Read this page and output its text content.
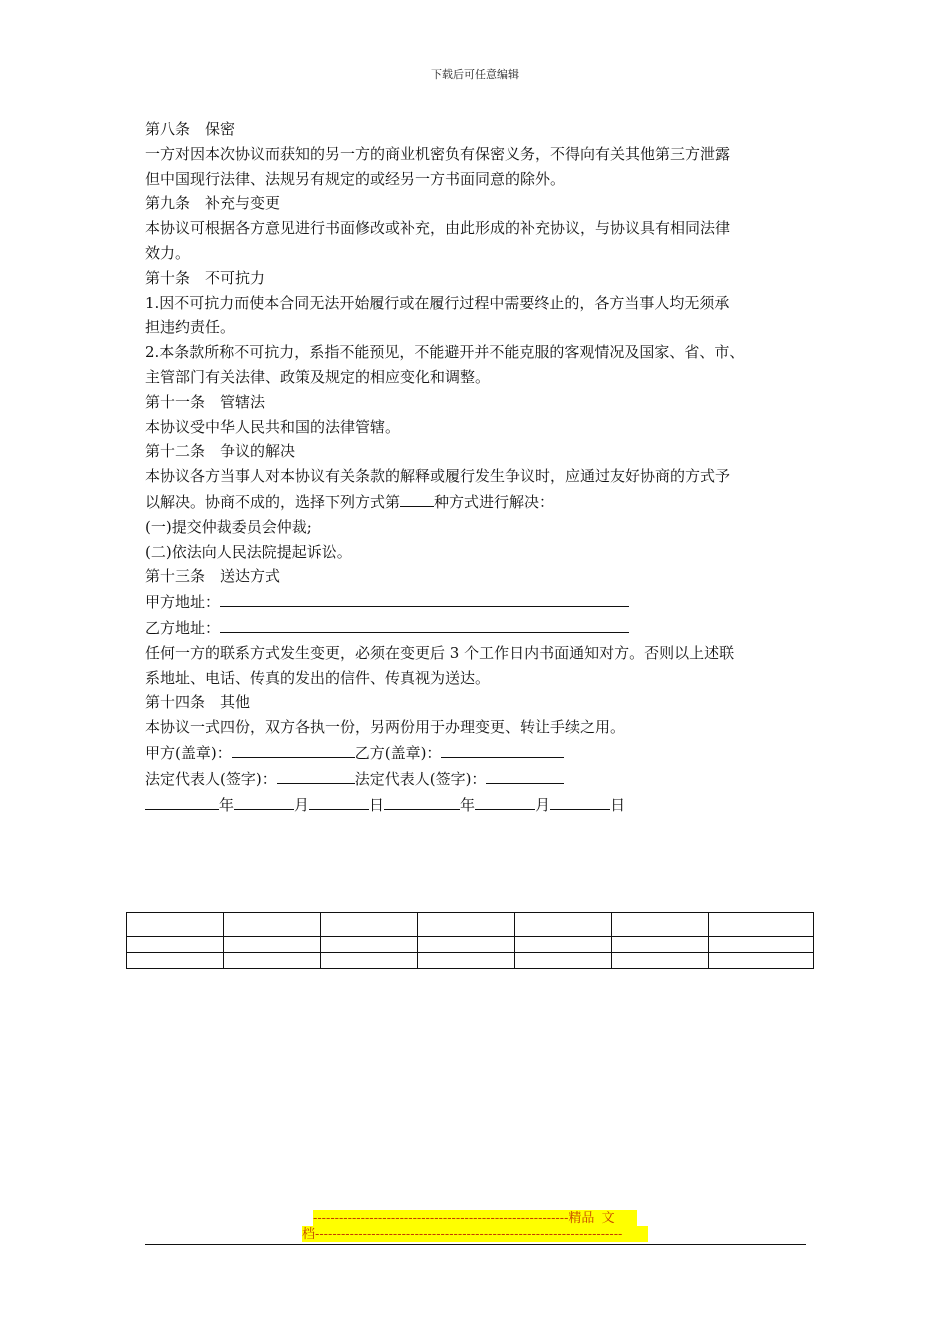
下载后可任意编辑

第八条　保密

一方对因本次协议而获知的另一方的商业机密负有保密义务，不得向有关其他第三方泄露

但中国现行法律、法规另有规定的或经另一方书面同意的除外。

第九条　补充与变更

本协议可根据各方意见进行书面修改或补充，由此形成的补充协议，与协议具有相同法律

效力。

第十条　不可抗力

1.因不可抗力而使本合同无法开始履行或在履行过程中需要终止的，各方当事人均无须承

担违约责任。

2.本条款所称不可抗力，系指不能预见，不能避开并不能克服的客观情况及国家、省、市、

主管部门有关法律、政策及规定的相应变化和调整。

第十一条　管辖法

本协议受中华人民共和国的法律管辖。

第十二条　争议的解决

本协议各方当事人对本协议有关条款的解释或履行发生争议时，应通过友好协商的方式予

以解决。协商不成的，选择下列方式第 种方式进行解决：

(一)提交仲裁委员会仲裁;

(二)依法向人民法院提起诉讼。

第十三条　送达方式

甲方地址：

乙方地址：

任何一方的联系方式发生变更，必须在变更后 3 个工作日内书面通知对方。否则以上述联

系地址、电话、传真的发出的信件、传真视为送达。

第十四条　其他

本协议一式四份，双方各执一份，另两份用于办理变更、转让手续之用。

甲方(盖章)：	乙方(盖章)：

法定代表人(签字)：	法定代表人(签字)：

年	月	日	年	月	日

-----------------------------------------------------------精品  文
档-----------------------------------------------------------------------
